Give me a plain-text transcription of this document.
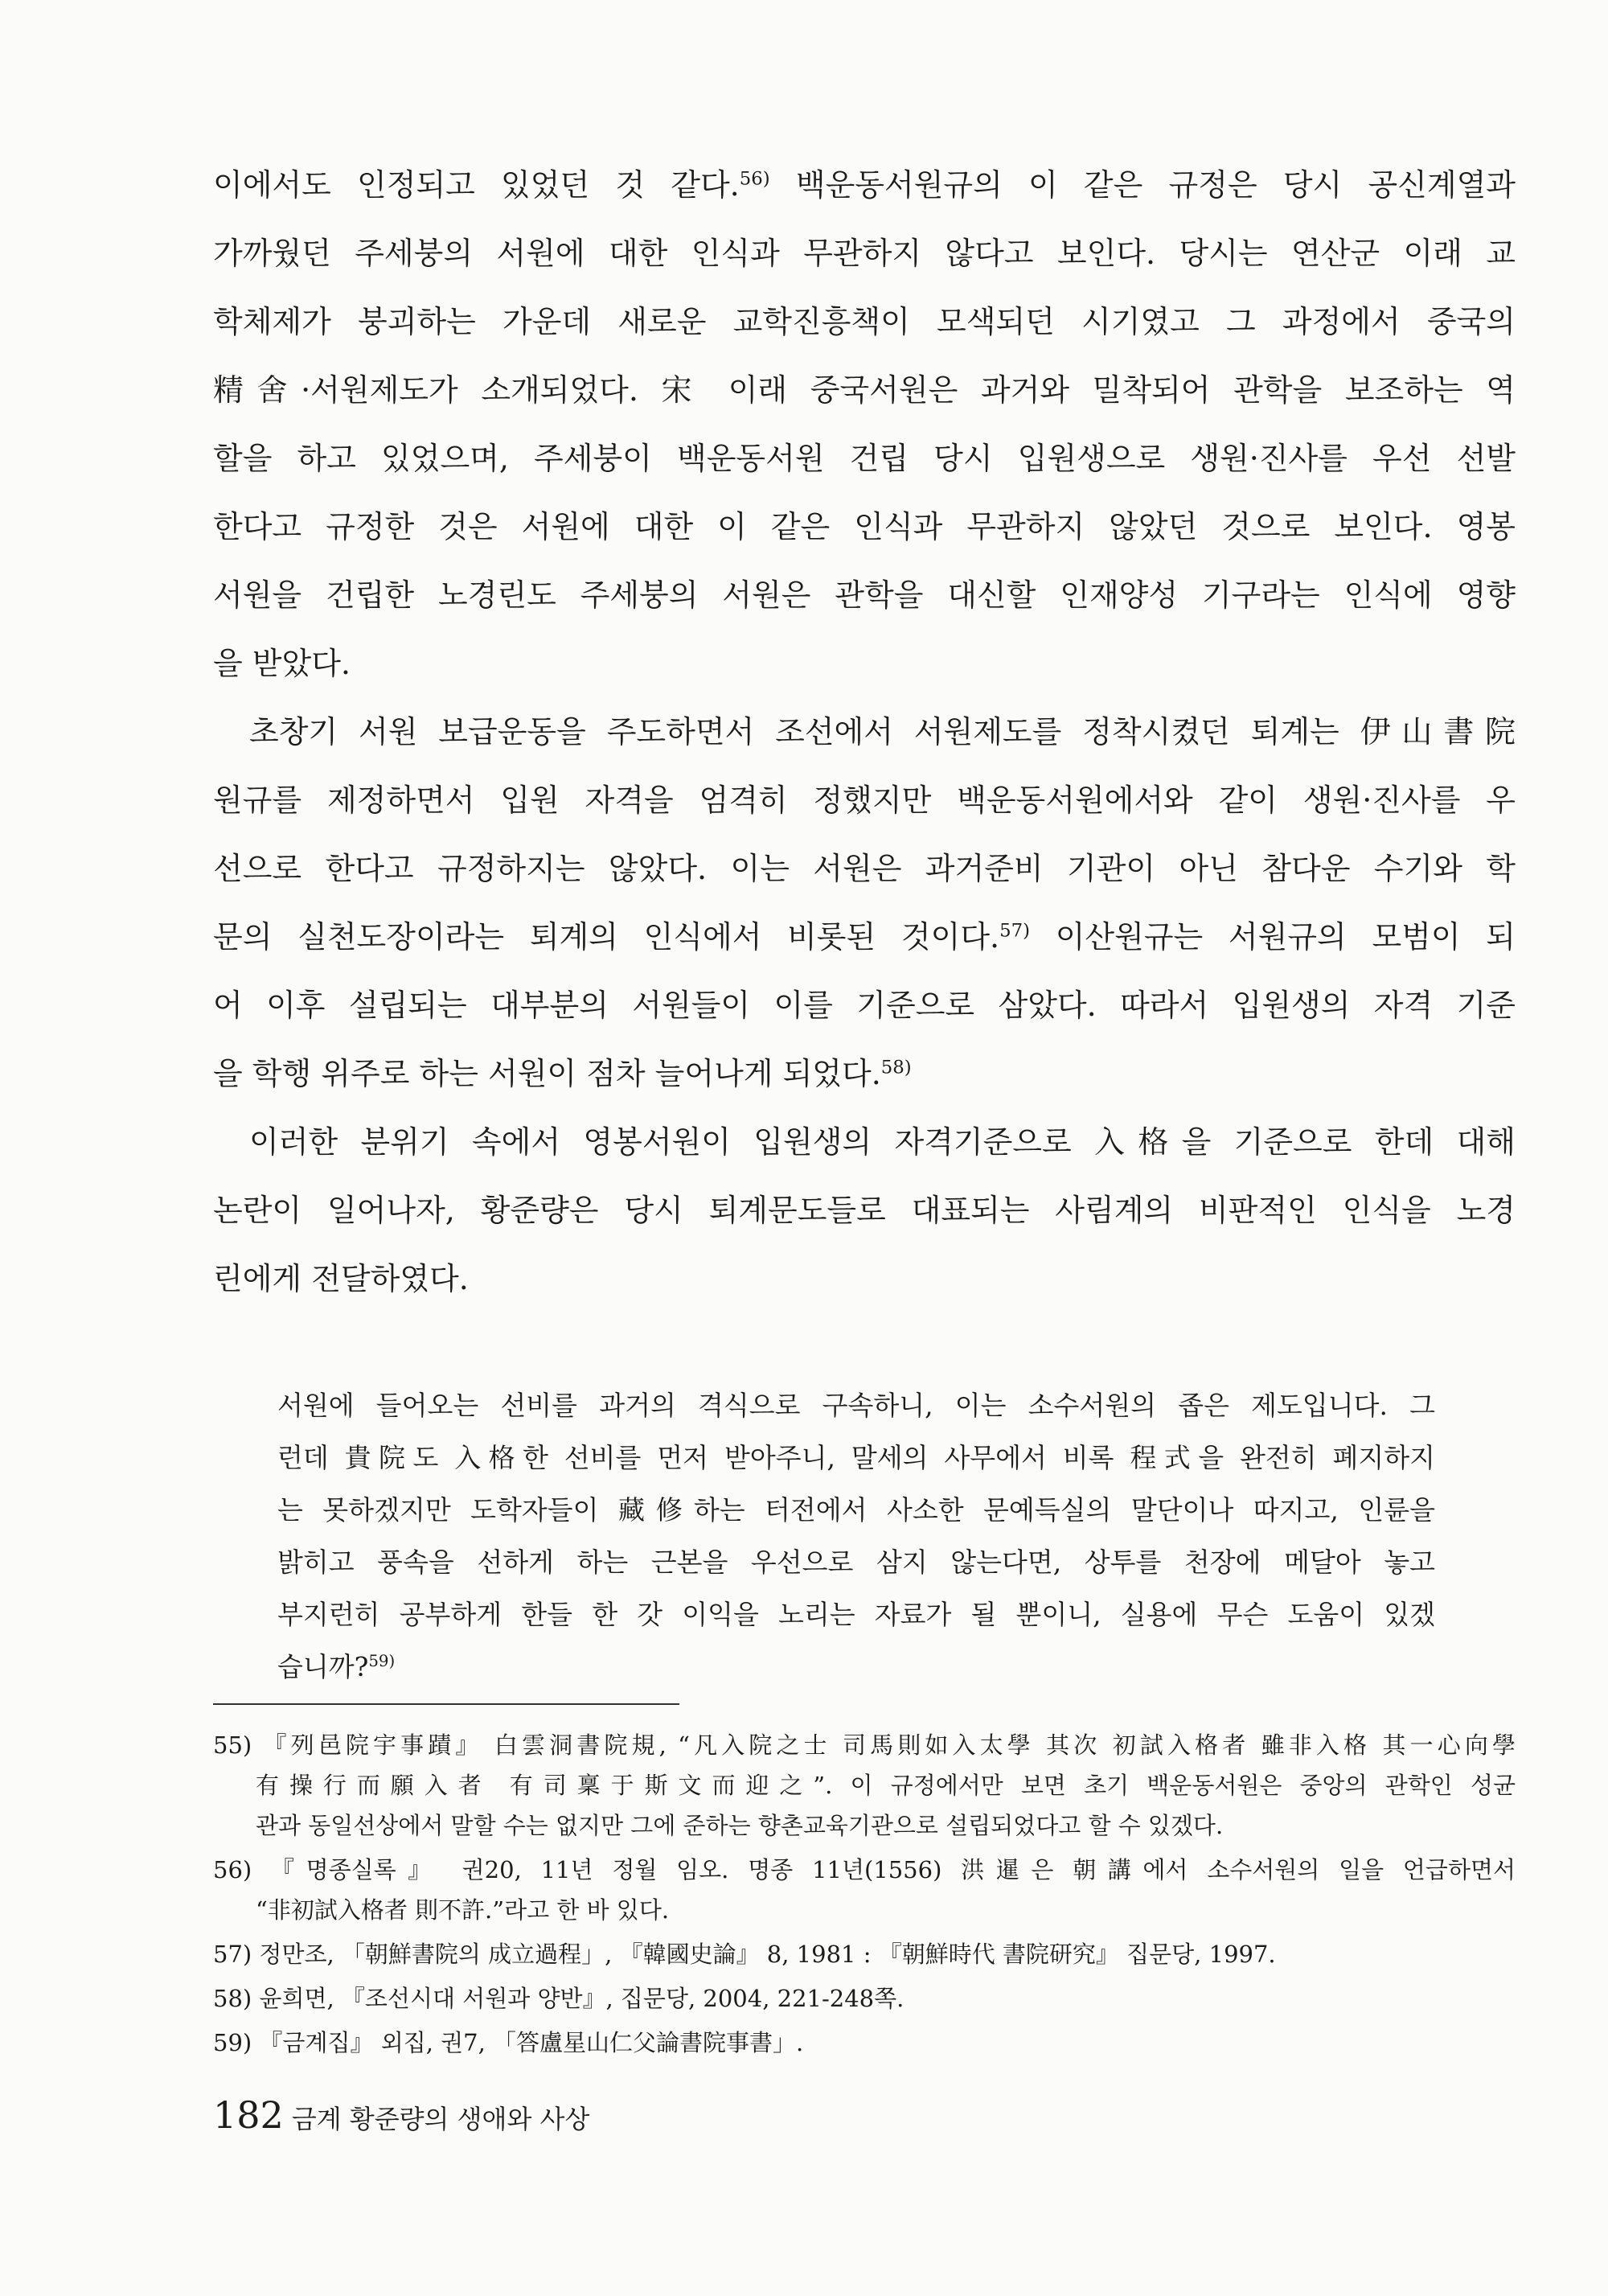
이에서도 인정되고 있었던 것 같다.$^{56)}$ 백운동서원규의 이 같은 규정은 당시 공신계열과
가까웠던 주세붕의 서원에 대한 인식과 무관하지 않다고 보인다. 당시는 연산군 이래 교
학체제가 붕괴하는 가운데 새로운 교학진흥책이 모색되던 시기였고 그 과정에서 중국의
精舍·서원제도가 소개되었다. 宋 이래 중국서원은 과거와 밀착되어 관학을 보조하는 역
할을 하고 있었으며, 주세붕이 백운동서원 건립 당시 입원생으로 생원·진사를 우선 선발
한다고 규정한 것은 서원에 대한 이 같은 인식과 무관하지 않았던 것으로 보인다. 영봉
서원을 건립한 노경린도 주세붕의 서원은 관학을 대신할 인재양성 기구라는 인식에 영향
을 받았다.
초창기 서원 보급운동을 주도하면서 조선에서 서원제도를 정착시켰던 퇴계는 伊山書院
원규를 제정하면서 입원 자격을 엄격히 정했지만 백운동서원에서와 같이 생원·진사를 우
선으로 한다고 규정하지는 않았다. 이는 서원은 과거준비 기관이 아닌 참다운 수기와 학
문의 실천도장이라는 퇴계의 인식에서 비롯된 것이다.$^{57)}$ 이산원규는 서원규의 모범이 되
어 이후 설립되는 대부분의 서원들이 이를 기준으로 삼았다. 따라서 입원생의 자격 기준
을 학행 위주로 하는 서원이 점차 늘어나게 되었다.$^{58)}$
이러한 분위기 속에서 영봉서원이 입원생의 자격기준으로 入格을 기준으로 한데 대해
논란이 일어나자, 황준량은 당시 퇴계문도들로 대표되는 사림계의 비판적인 인식을 노경
린에게 전달하였다.
서원에 들어오는 선비를 과거의 격식으로 구속하니, 이는 소수서원의 좁은 제도입니다. 그
런데 貴院도 入格한 선비를 먼저 받아주니, 말세의 사무에서 비록 程式을 완전히 폐지하지
는 못하겠지만 도학자들이 藏修하는 터전에서 사소한 문예득실의 말단이나 따지고, 인륜을
밝히고 풍속을 선하게 하는 근본을 우선으로 삼지 않는다면, 상투를 천장에 메달아 놓고
부지런히 공부하게 한들 한 갓 이익을 노리는 자료가 될 뿐이니, 실용에 무슨 도움이 있겠
습니까?$^{59)}$
55) 『列邑院宇事蹟』 白雲洞書院規, “凡入院之士 司馬則如入太學 其次 初試入格者 雖非入格 其一心向學
有操行而願入者 有司稟于斯文而迎之”. 이 규정에서만 보면 초기 백운동서원은 중앙의 관학인 성균
관과 동일선상에서 말할 수는 없지만 그에 준하는 향촌교육기관으로 설립되었다고 할 수 있겠다.
56) 『명종실록』 권20, 11년 정월 임오. 명종 11년(1556) 洪暹은 朝講에서 소수서원의 일을 언급하면서
“非初試入格者 則不許.”라고 한 바 있다.
57) 정만조, 「朝鮮書院의 成立過程」, 『韓國史論』 8, 1981 : 『朝鮮時代 書院研究』 집문당, 1997.
58) 윤희면, 『조선시대 서원과 양반』, 집문당, 2004, 221-248쪽.
59) 『금계집』 외집, 권7, 「答盧星山仁父論書院事書」.
182 금계 황준량의 생애와 사상
